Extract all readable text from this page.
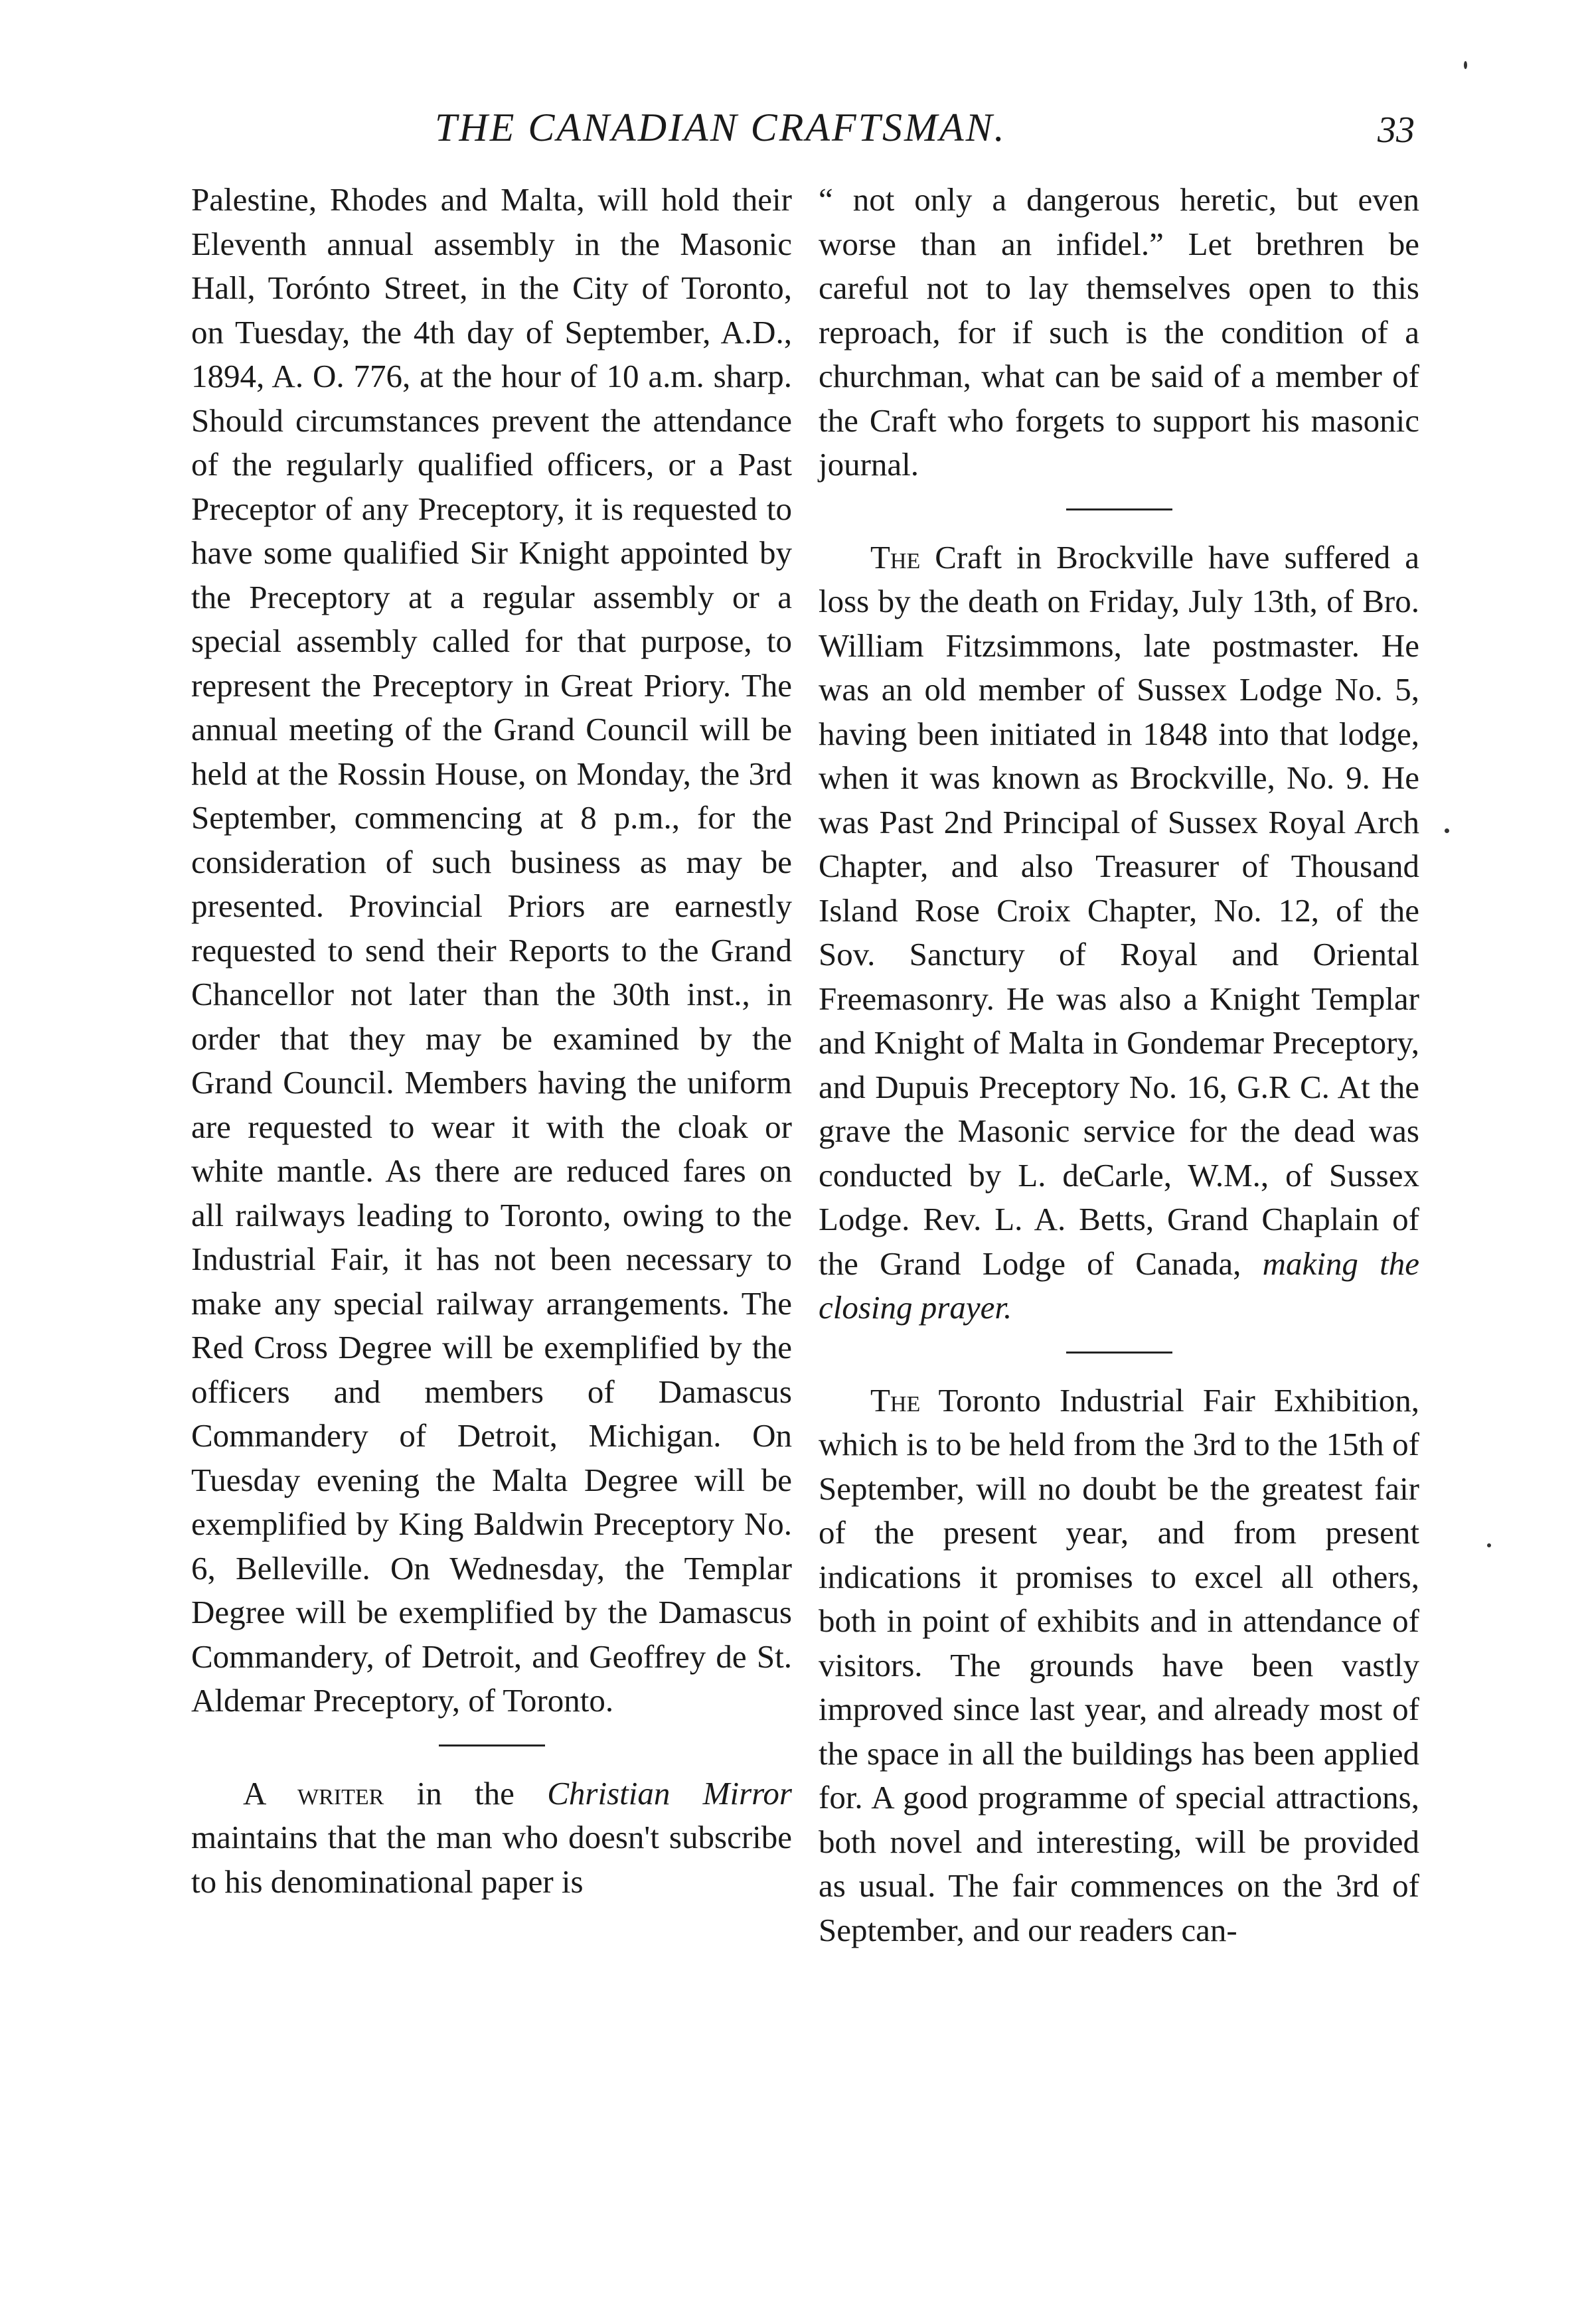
THE CANADIAN CRAFTSMAN.	33

Palestine, Rhodes and Malta, will hold their Eleventh annual assembly in the Masonic Hall, Torónto Street, in the City of Toronto, on Tuesday, the 4th day of September, A.D., 1894, A. O. 776, at the hour of 10 a.m. sharp. Should circumstances prevent the attendance of the regularly qualified officers, or a Past Preceptor of any Preceptory, it is requested to have some qualified Sir Knight appointed by the Preceptory at a regular assembly or a special assembly called for that purpose, to represent the Preceptory in Great Priory. The annual meeting of the Grand Council will be held at the Rossin House, on Monday, the 3rd September, commencing at 8 p.m., for the consideration of such business as may be presented. Provincial Priors are earnestly requested to send their Reports to the Grand Chancellor not later than the 30th inst., in order that they may be examined by the Grand Council. Members having the uniform are requested to wear it with the cloak or white mantle. As there are reduced fares on all railways leading to Toronto, owing to the Industrial Fair, it has not been necessary to make any special railway arrangements. The Red Cross Degree will be exemplified by the officers and members of Damascus Commandery of Detroit, Michigan. On Tuesday evening the Malta Degree will be exemplified by King Baldwin Preceptory No. 6, Belleville. On Wednesday, the Templar Degree will be exemplified by the Damascus Commandery, of Detroit, and Geoffrey de St. Aldemar Preceptory, of Toronto.

A writer in the Christian Mirror maintains that the man who doesn't subscribe to his denominational paper is

“ not only a dangerous heretic, but even worse than an infidel.” Let brethren be careful not to lay themselves open to this reproach, for if such is the condition of a churchman, what can be said of a member of the Craft who forgets to support his masonic journal.

The Craft in Brockville have suffered a loss by the death on Friday, July 13th, of Bro. William Fitzsimmons, late postmaster. He was an old member of Sussex Lodge No. 5, having been initiated in 1848 into that lodge, when it was known as Brockville, No. 9. He was Past 2nd Principal of Sussex Royal Arch Chapter, and also Treasurer of Thousand Island Rose Croix Chapter, No. 12, of the Sov. Sanctury of Royal and Oriental Freemasonry. He was also a Knight Templar and Knight of Malta in Gondemar Preceptory, and Dupuis Preceptory No. 16, G.R C. At the grave the Masonic service for the dead was conducted by L. deCarle, W.M., of Sussex Lodge. Rev. L. A. Betts, Grand Chaplain of the Grand Lodge of Canada, making the closing prayer.

The Toronto Industrial Fair Exhibition, which is to be held from the 3rd to the 15th of September, will no doubt be the greatest fair of the present year, and from present indications it promises to excel all others, both in point of exhibits and in attendance of visitors. The grounds have been vastly improved since last year, and already most of the space in all the buildings has been applied for. A good programme of special attractions, both novel and interesting, will be provided as usual. The fair commences on the 3rd of September, and our readers can-
